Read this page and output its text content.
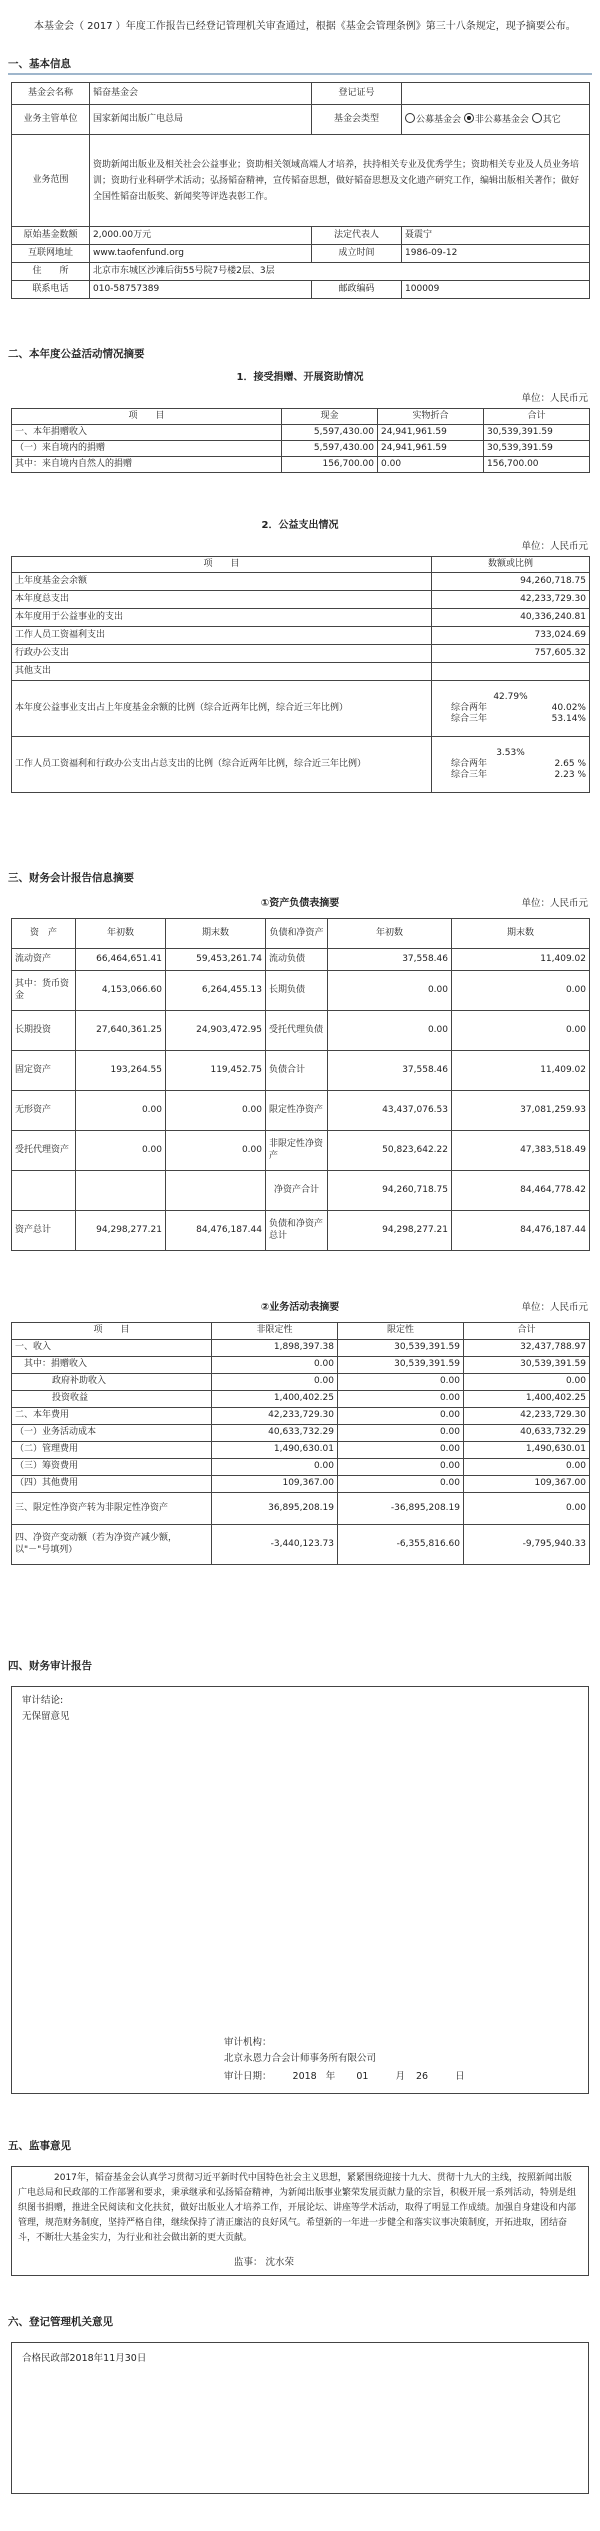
本基金会（ 2017 ）年度工作报告已经登记管理机关审查通过，根据《基金会管理条例》第三十八条规定，现予摘要公布。
一、基本信息
基金会名称	韬奋基金会	登记证号	
业务主管单位	国家新闻出版广电总局	基金会类型	公募基金会 非公募基金会 其它
业务范围	资助新闻出版业及相关社会公益事业；资助相关领域高端人才培养，扶持相关专业及优秀学生；资助相关专业及人员业务培训；资助行业科研学术活动；弘扬韬奋精神，宣传韬奋思想，做好韬奋思想及文化遗产研究工作，编辑出版相关著作；做好全国性韬奋出版奖、新闻奖等评选表彰工作。		
原始基金数额	2,000.00万元	法定代表人	聂震宁
互联网地址	www.taofenfund.org	成立时间	1986-09-12
住　　所	北京市东城区沙滩后街55号院7号楼2层、3层		
联系电话	010-58757389	邮政编码	100009
二、本年度公益活动情况摘要
1．接受捐赠、开展资助情况
单位：人民币元
项　　目	现金	实物折合	合计
一、本年捐赠收入	5,597,430.00	24,941,961.59	30,539,391.59
（一）来自境内的捐赠	5,597,430.00	24,941,961.59	30,539,391.59
其中：来自境内自然人的捐赠	156,700.00	0.00	156,700.00
2．公益支出情况
单位：人民币元
项　　目	数额或比例
上年度基金会余额	94,260,718.75
本年度总支出	42,233,729.30
本年度用于公益事业的支出	40,336,240.81
工作人员工资福利支出	733,024.69
行政办公支出	757,605.32
其他支出	
本年度公益事业支出占上年度基金余额的比例（综合近两年比例，综合近三年比例）	42.79%
综合两年 40.02%
综合三年 53.14%

工作人员工资福利和行政办公支出占总支出的比例（综合近两年比例，综合近三年比例）	3.53%
综合两年 2.65 %
综合三年 2.23 %
三、财务会计报告信息摘要
①资产负债表摘要	单位：人民币元
资　产	年初数	期末数	负债和净资产	年初数	期末数
流动资产	66,464,651.41	59,453,261.74	流动负债	37,558.46	11,409.02
其中：货币资金	4,153,066.60	6,264,455.13	长期负债	0.00	0.00
长期投资	27,640,361.25	24,903,472.95	受托代理负债	0.00	0.00
固定资产	193,264.55	119,452.75	负债合计	37,558.46	11,409.02
无形资产	0.00	0.00	限定性净资产	43,437,076.53	37,081,259.93
受托代理资产	0.00	0.00	非限定性净资产	50,823,642.22	47,383,518.49
			净资产合计	94,260,718.75	84,464,778.42
资产总计	94,298,277.21	84,476,187.44	负债和净资产总计	94,298,277.21	84,476,187.44
②业务活动表摘要	单位：人民币元
项　　目	非限定性	限定性	合计
一、收入	1,898,397.38	30,539,391.59	32,437,788.97
其中：捐赠收入	0.00	30,539,391.59	30,539,391.59
政府补助收入	0.00	0.00	0.00
投资收益	1,400,402.25	0.00	1,400,402.25
二、本年费用	42,233,729.30	0.00	42,233,729.30
（一）业务活动成本	40,633,732.29	0.00	40,633,732.29
（二）管理费用	1,490,630.01	0.00	1,490,630.01
（三）筹资费用	0.00	0.00	0.00
（四）其他费用	109,367.00	0.00	109,367.00
三、限定性净资产转为非限定性净资产	36,895,208.19	-36,895,208.19	0.00
四、净资产变动额（若为净资产减少额，以"－"号填列）	-3,440,123.73	-6,355,816.60	-9,795,940.33
四、财务审计报告
审计结论:
无保留意见
审计机构：
北京永恩力合会计师事务所有限公司
审计日期： 2018 年 01	月 26	日
五、监事意见
2017年，韬奋基金会认真学习贯彻习近平新时代中国特色社会主义思想，紧紧围绕迎接十九大、贯彻十九大的主线，按照新闻出版广电总局和民政部的工作部署和要求，秉承继承和弘扬韬奋精神，为新闻出版事业繁荣发展贡献力量的宗旨，积极开展一系列活动，特别是组织图书捐赠，推进全民阅读和文化扶贫，做好出版业人才培养工作，开展论坛、讲座等学术活动，取得了明显工作成绩。加强自身建设和内部管理，规范财务制度，坚持严格自律，继续保持了清正廉洁的良好风气。希望新的一年进一步健全和落实议事决策制度，开拓进取，团结奋斗，不断壮大基金实力，为行业和社会做出新的更大贡献。
监事： 沈水荣
六、登记管理机关意见
合格民政部2018年11月30日
